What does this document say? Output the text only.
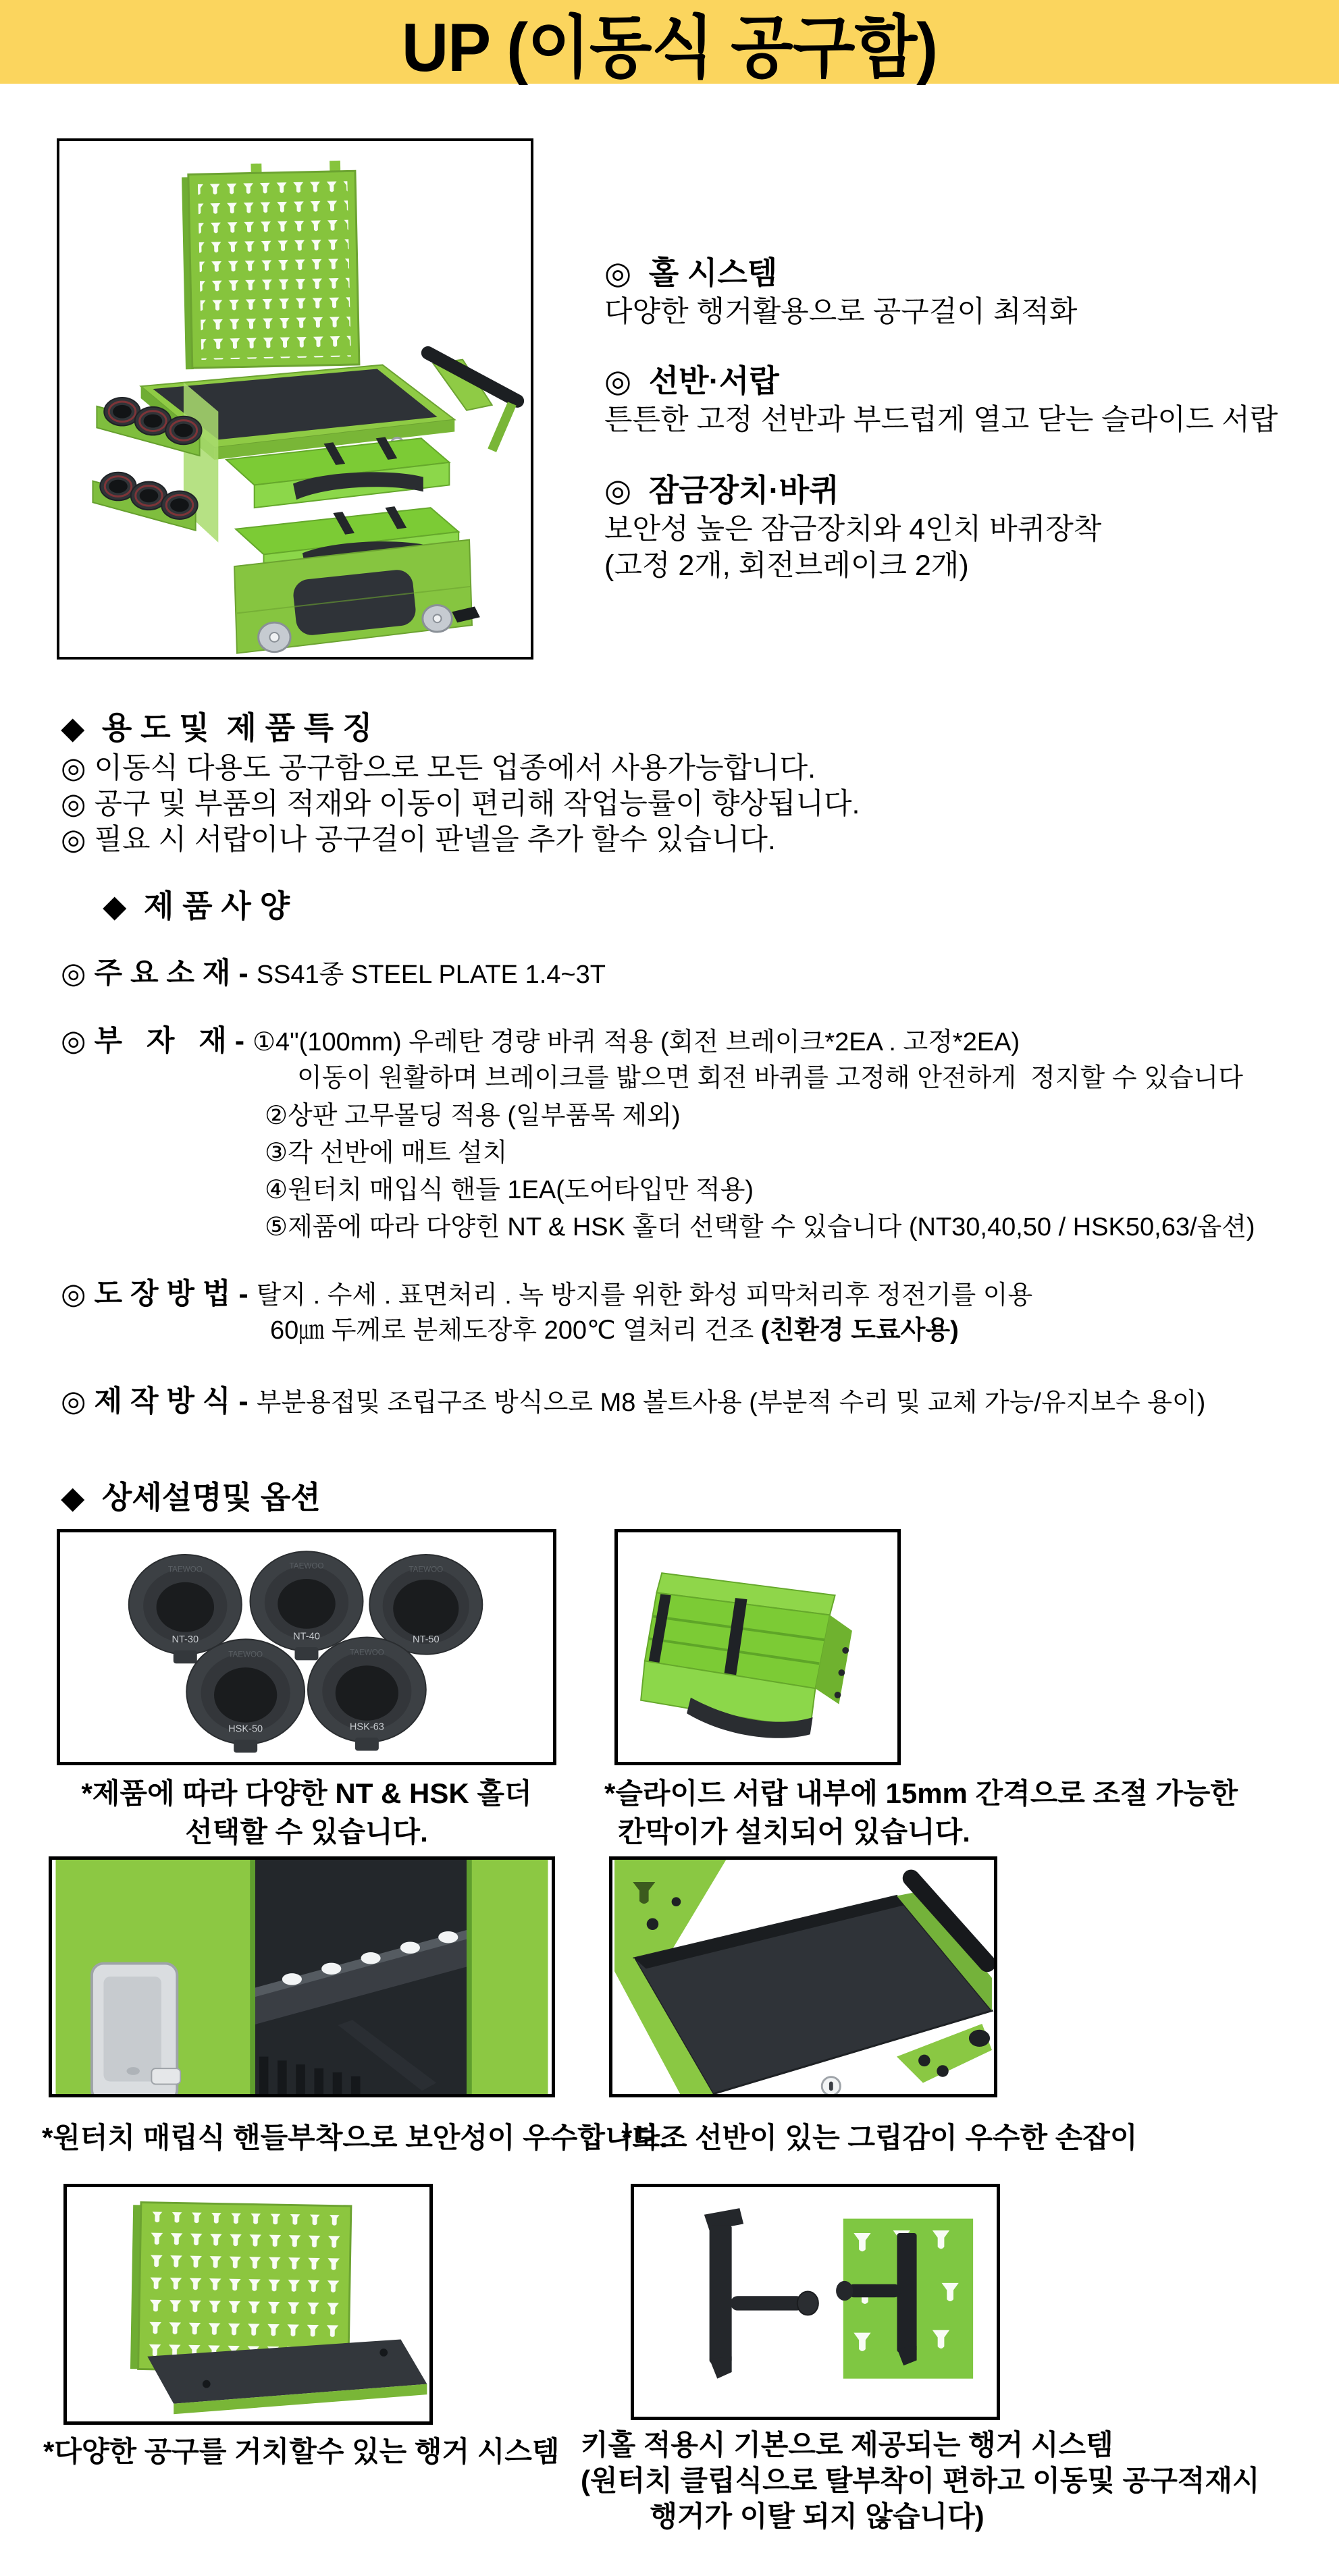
UP (이동식 공구함)
◎  홀 시스템
다양한 행거활용으로 공구걸이 최적화
◎  선반·서랍
튼튼한 고정 선반과 부드럽게 열고 닫는 슬라이드 서랍
◎  잠금장치·바퀴
보안성 높은 잠금장치와 4인치 바퀴장착
(고정 2개, 회전브레이크 2개)
◆  용 도 및  제 품 특 징
◎ 이동식 다용도 공구함으로 모든 업종에서 사용가능합니다.
◎ 공구 및 부품의 적재와 이동이 편리해 작업능률이 향상됩니다.
◎ 필요 시 서랍이나 공구걸이 판넬을 추가 할수 있습니다.
◆  제 품 사 양
◎ 주 요 소 재 - SS41종 STEEL PLATE 1.4~3T
◎ 부   자   재 - ①4"(100mm) 우레탄 경량 바퀴 적용 (회전 브레이크*2EA . 고정*2EA)
이동이 원활하며 브레이크를 밟으면 회전 바퀴를 고정해 안전하게  정지할 수 있습니다
②상판 고무몰딩 적용 (일부품목 제외)
③각 선반에 매트 설치
④원터치 매입식 핸들 1EA(도어타입만 적용)
⑤제품에 따라 다양힌 NT & HSK 홀더 선택할 수 있습니다 (NT30,40,50 / HSK50,63/옵션)
◎ 도 장 방 법 - 탈지 . 수세 . 표면처리 . 녹 방지를 위한 화성 피막처리후 정전기를 이용
60㎛ 두께로 분체도장후 200℃ 열처리 건조 (친환경 도료사용)
◎ 제 작 방 식 - 부분용접및 조립구조 방식으로 M8 볼트사용 (부분적 수리 및 교체 가능/유지보수 용이)
◆  상세설명및 옵션
TAEWOO
NT-30
TAEWOO
NT-40
TAEWOO
NT-50
TAEWOO
HSK-50
TAEWOO
HSK-63
*제품에 따라 다양한 NT & HSK 홀더
선택할 수 있습니다.
*슬라이드 서랍 내부에 15mm 간격으로 조절 가능한
칸막이가 설치되어 있습니다.
*원터치 매립식 핸들부착으로 보안성이 우수합니다.
*보조 선반이 있는 그립감이 우수한 손잡이
*다양한 공구를 거치할수 있는 행거 시스템 키홀 적용시 기본으로 제공되는 행거 시스템
(원터치 클립식으로 탈부착이 편하고 이동및 공구적재시
행거가 이탈 되지 않습니다)
